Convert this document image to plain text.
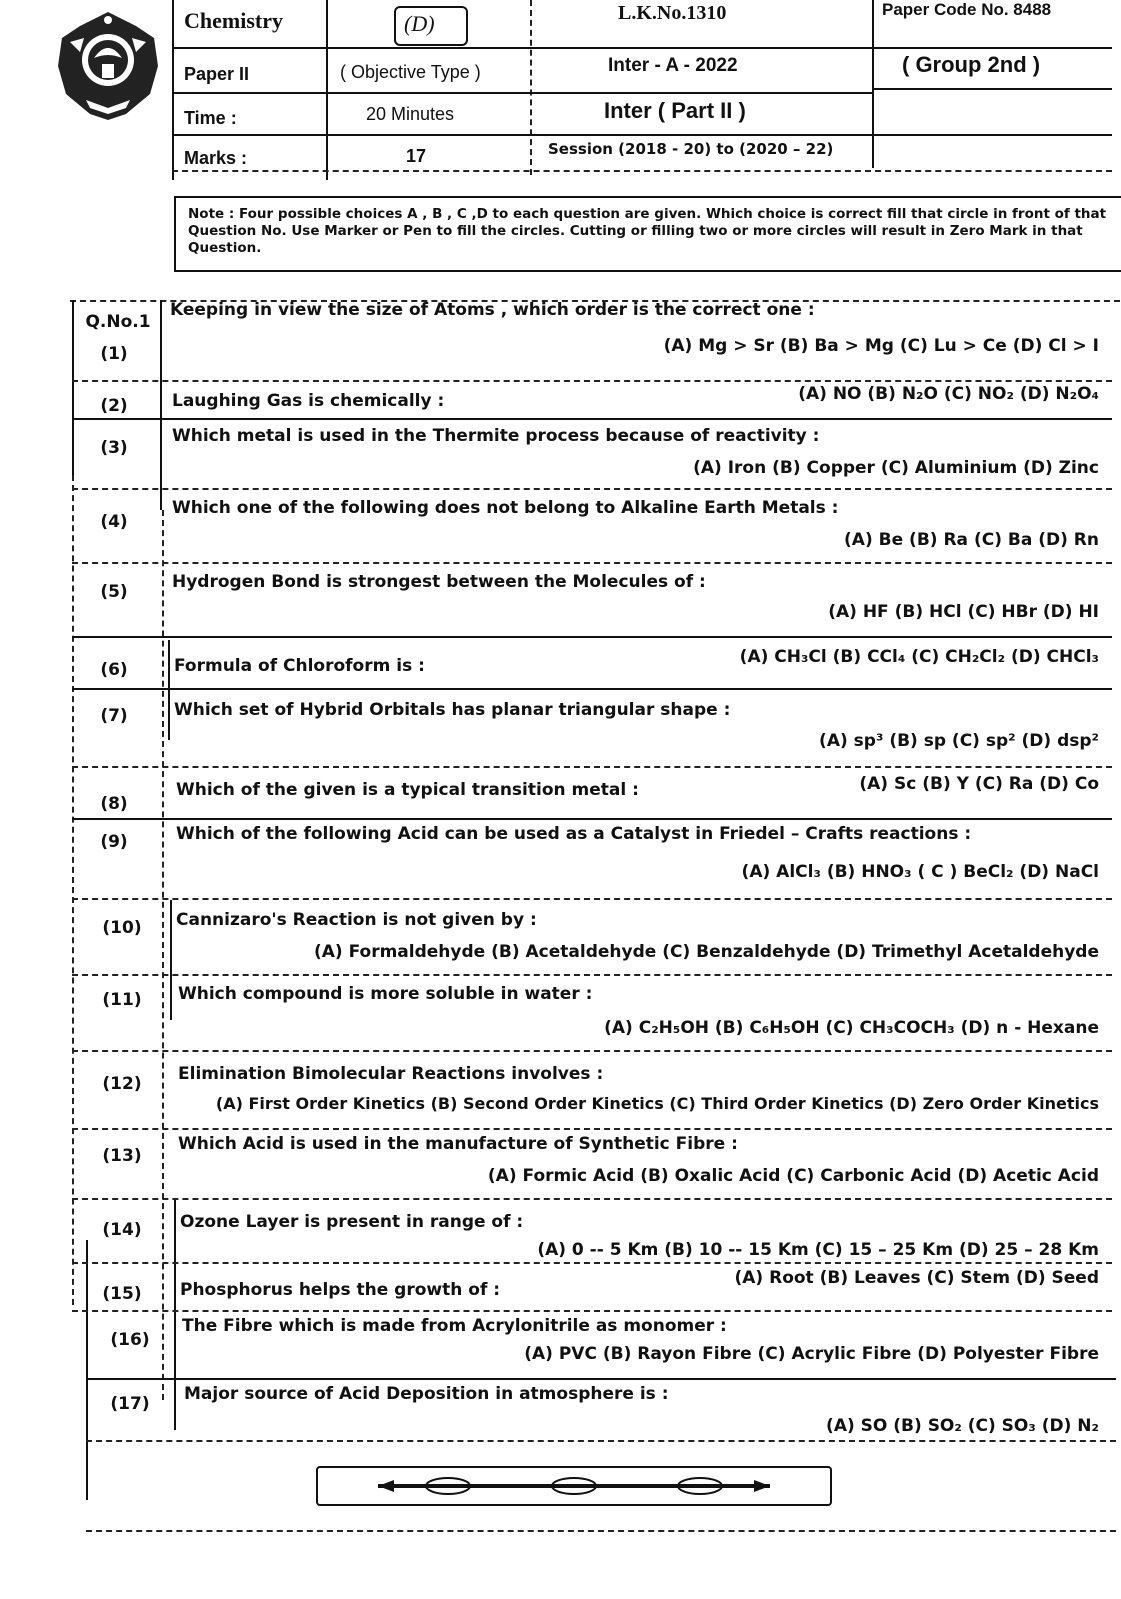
Chemistry	(D)	L.K.No.1310	Paper Code No. 8488
Paper II	( Objective Type )	Inter - A - 2022	( Group 2nd )
Time :	20 Minutes	Inter ( Part II )
Marks :	17	Session (2018 - 20) to (2020 – 22)
Note : Four possible choices A , B , C ,D to each question are given. Which choice is correct fill that circle in front of that Question No. Use Marker or Pen to fill the circles. Cutting or filling two or more circles will result in Zero Mark in that Question.
Q.No.1
(1)
Keeping in view the size of Atoms , which order is the correct one :
(A) Mg > Sr (B) Ba > Mg (C) Lu > Ce (D) Cl > I
(2)	Laughing Gas is chemically :	(A) NO (B) N₂O (C) NO₂ (D) N₂O₄
(3)
Which metal is used in the Thermite process because of reactivity :
(A) Iron (B) Copper (C) Aluminium (D) Zinc
(4)
Which one of the following does not belong to Alkaline Earth Metals :
(A) Be (B) Ra (C) Ba (D) Rn
(5)	Hydrogen Bond is strongest between the Molecules of :
(A) HF (B) HCl (C) HBr (D) HI
(6)	Formula of Chloroform is :	(A) CH₃Cl (B) CCl₄ (C) CH₂Cl₂ (D) CHCl₃
(7)	Which set of Hybrid Orbitals has planar triangular shape :
(A) sp³ (B) sp (C) sp² (D) dsp²
(8)
Which of the given is a typical transition metal :	(A) Sc (B) Y (C) Ra (D) Co
(9)	Which of the following Acid can be used as a Catalyst in Friedel – Crafts reactions :
(A) AlCl₃ (B) HNO₃ ( C ) BeCl₂ (D) NaCl
(10)	Cannizaro's Reaction is not given by :
(A) Formaldehyde (B) Acetaldehyde (C) Benzaldehyde (D) Trimethyl Acetaldehyde
(11)	Which compound is more soluble in water :
(A) C₂H₅OH (B) C₆H₅OH (C) CH₃COCH₃ (D) n - Hexane
(12)	Elimination Bimolecular Reactions involves :
(A) First Order Kinetics (B) Second Order Kinetics (C) Third Order Kinetics (D) Zero Order Kinetics
(13)
Which Acid is used in the manufacture of Synthetic Fibre :
(A) Formic Acid (B) Oxalic Acid (C) Carbonic Acid (D) Acetic Acid
(14)	Ozone Layer is present in range of :
(A) 0 -- 5 Km (B) 10 -- 15 Km (C) 15 – 25 Km (D) 25 – 28 Km
(15)	Phosphorus helps the growth of :
(A) Root (B) Leaves (C) Stem (D) Seed
(16)
The Fibre which is made from Acrylonitrile as monomer :
(A) PVC (B) Rayon Fibre (C) Acrylic Fibre (D) Polyester Fibre
(17)	Major source of Acid Deposition in atmosphere is :
(A) SO (B) SO₂ (C) SO₃ (D) N₂
